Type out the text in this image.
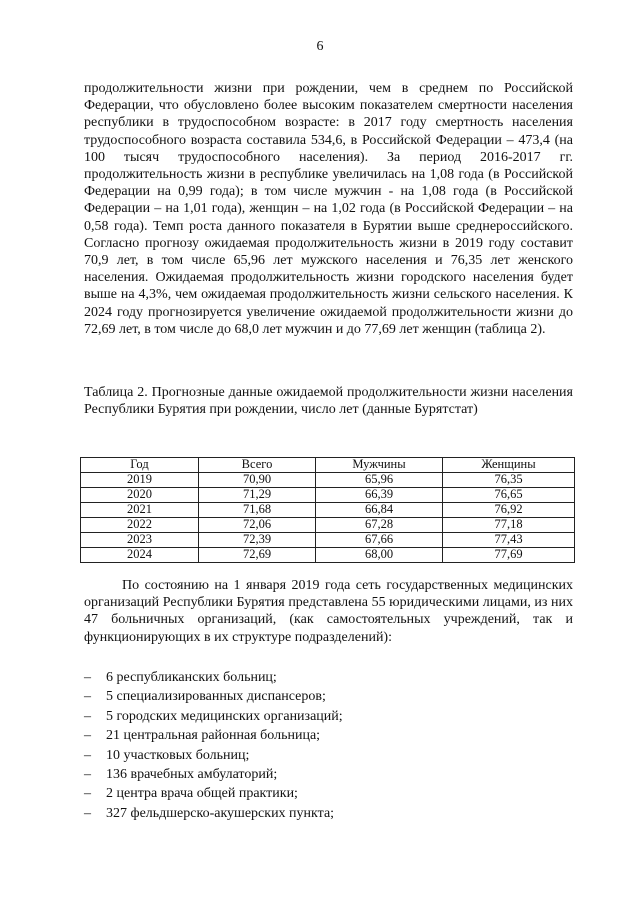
6

продолжительности жизни при рождении, чем в среднем по Российской Федерации, что обусловлено более высоким показателем смертности населения республики в трудоспособном возрасте: в 2017 году смертность населения трудоспособного возраста составила 534,6, в Российской Федерации – 473,4 (на 100 тысяч трудоспособного населения). За период 2016-2017 гг. продолжительность жизни в республике увеличилась на 1,08 года (в Российской Федерации на 0,99 года); в том числе мужчин - на 1,08 года (в Российской Федерации – на 1,01 года), женщин – на 1,02 года (в Российской Федерации – на 0,58 года). Темп роста данного показателя в Бурятии выше среднероссийского. Согласно прогнозу ожидаемая продолжительность жизни в 2019 году составит 70,9 лет, в том числе 65,96 лет мужского населения и 76,35 лет женского населения. Ожидаемая продолжительность жизни городского населения будет выше на 4,3%, чем ожидаемая продолжительность жизни сельского населения. К 2024 году прогнозируется увеличение ожидаемой продолжительности жизни до 72,69 лет, в том числе до 68,0 лет мужчин и до 77,69 лет женщин (таблица 2).

Таблица 2. Прогнозные данные ожидаемой продолжительности жизни населения Республики Бурятия при рождении, число лет (данные Бурятстат)

Год	Всего	Мужчины	Женщины
2019	70,90	65,96	76,35
2020	71,29	66,39	76,65
2021	71,68	66,84	76,92
2022	72,06	67,28	77,18
2023	72,39	67,66	77,43
2024	72,69	68,00	77,69

По состоянию на 1 января 2019 года сеть государственных медицинских организаций Республики Бурятия представлена 55 юридическими лицами, из них 47 больничных организаций, (как самостоятельных учреждений, так и функционирующих в их структуре подразделений):

–	6 республиканских больниц;
–	5 специализированных диспансеров;
–	5 городских медицинских организаций;
–	21 центральная районная больница;
–	10 участковых больниц;
–	136 врачебных амбулаторий;
–	2 центра врача общей практики;
–	327 фельдшерско-акушерских пункта;
